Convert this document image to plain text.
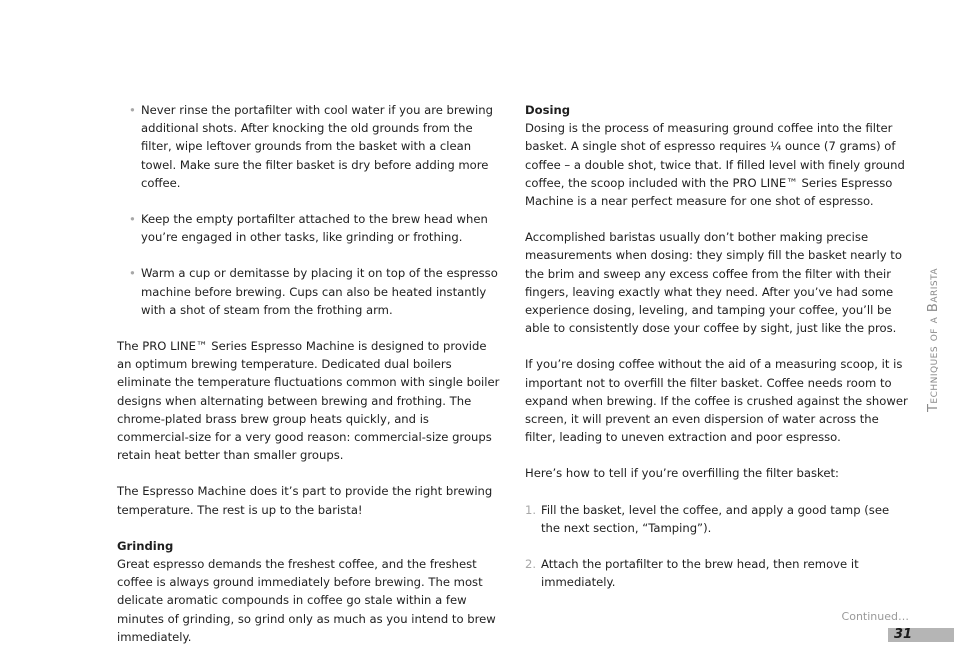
• Never rinse the portafilter with cool water if you are brewing additional shots. After knocking the old grounds from the filter, wipe leftover grounds from the basket with a clean towel. Make sure the filter basket is dry before adding more coffee.

• Keep the empty portafilter attached to the brew head when you’re engaged in other tasks, like grinding or frothing.

• Warm a cup or demitasse by placing it on top of the espresso machine before brewing. Cups can also be heated instantly with a shot of steam from the frothing arm.

The PRO LINE™ Series Espresso Machine is designed to provide an optimum brewing temperature. Dedicated dual boilers eliminate the temperature fluctuations common with single boiler designs when alternating between brewing and frothing. The chrome-plated brass brew group heats quickly, and is commercial-size for a very good reason: commercial-size groups retain heat better than smaller groups.

The Espresso Machine does it’s part to provide the right brewing temperature. The rest is up to the barista!

Grinding

Great espresso demands the freshest coffee, and the freshest coffee is always ground immediately before brewing. The most delicate aromatic compounds in coffee go stale within a few minutes of grinding, so grind only as much as you intend to brew immediately.

Dosing

Dosing is the process of measuring ground coffee into the filter basket. A single shot of espresso requires ¼ ounce (7 grams) of coffee – a double shot, twice that. If filled level with finely ground coffee, the scoop included with the PRO LINE™ Series Espresso Machine is a near perfect measure for one shot of espresso.

Accomplished baristas usually don’t bother making precise measurements when dosing: they simply fill the basket nearly to the brim and sweep any excess coffee from the filter with their fingers, leaving exactly what they need. After you’ve had some experience dosing, leveling, and tamping your coffee, you’ll be able to consistently dose your coffee by sight, just like the pros.

If you’re dosing coffee without the aid of a measuring scoop, it is important not to overfill the filter basket. Coffee needs room to expand when brewing. If the coffee is crushed against the shower screen, it will prevent an even dispersion of water across the filter, leading to uneven extraction and poor espresso.

Here’s how to tell if you’re overfilling the filter basket:

1. Fill the basket, level the coffee, and apply a good tamp (see the next section, “Tamping”).

2. Attach the portafilter to the brew head, then remove it immediately.

Techniques of a Barista
Continued…
31
